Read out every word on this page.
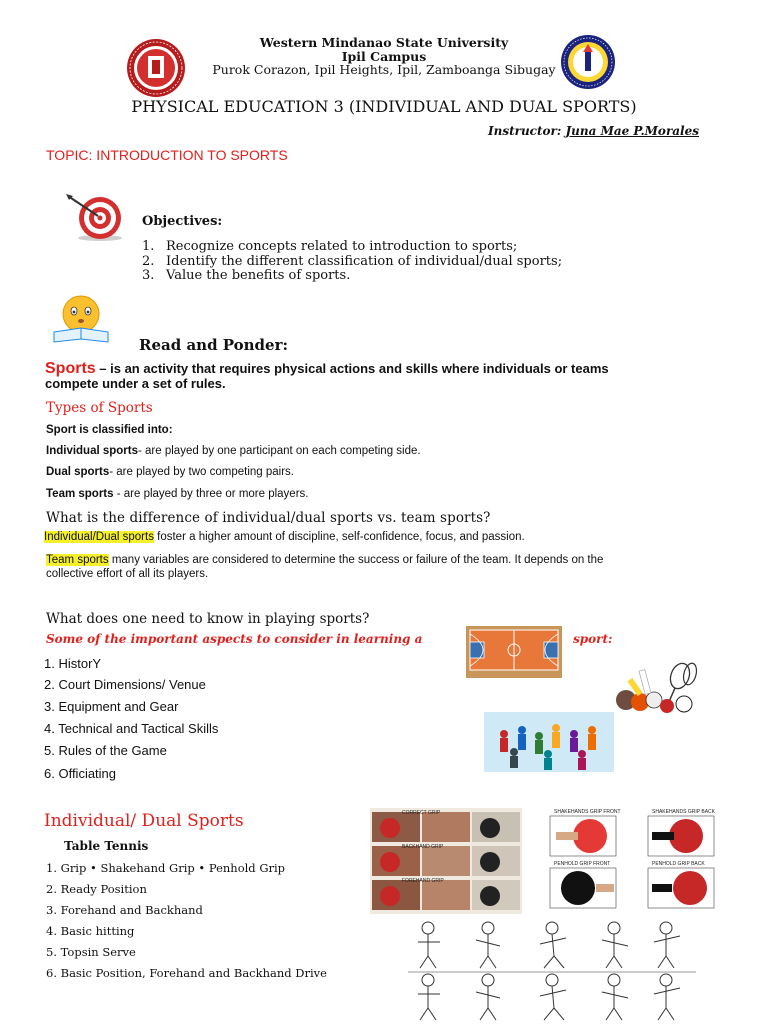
Western Mindanao State University
Ipil Campus
Purok Corazon, Ipil Heights, Ipil, Zamboanga Sibugay
PHYSICAL EDUCATION 3 (INDIVIDUAL AND DUAL SPORTS)
Instructor: Juna Mae P.Morales
TOPIC: INTRODUCTION TO SPORTS
Objectives:
1. Recognize concepts related to introduction to sports;
2. Identify the different classification of individual/dual sports;
3. Value the benefits of sports.
Read and Ponder:
Sports – is an activity that requires physical actions and skills where individuals or teams
compete under a set of rules.
Types of Sports
Sport is classified into:
Individual sports- are played by one participant on each competing side.
Dual sports- are played by two competing pairs.
Team sports - are played by three or more players.
What is the difference of individual/dual sports vs. team sports?
Individual/Dual sports foster a higher amount of discipline, self-confidence, focus, and passion.
Team sports many variables are considered to determine the success or failure of the team. It depends on the
collective effort of all its players.
What does one need to know in playing sports?
Some of the important aspects to consider in learning a	sport:
1. HistorY
2. Court Dimensions/ Venue
3. Equipment and Gear
4. Technical and Tactical Skills
5. Rules of the Game
6. Officiating
Individual/ Dual Sports
Table Tennis
1. Grip • Shakehand Grip • Penhold Grip
2. Ready Position
3. Forehand and Backhand
4. Basic hitting
5. Topsin Serve
6. Basic Position, Forehand and Backhand Drive
CORRECT GRIP
BACKHAND GRIP
FOREHAND GRIP
SHAKEHANDS GRIP FRONT	SHAKEHANDS GRIP BACK
PENHOLD GRIP FRONT	PENHOLD GRIP BACK
